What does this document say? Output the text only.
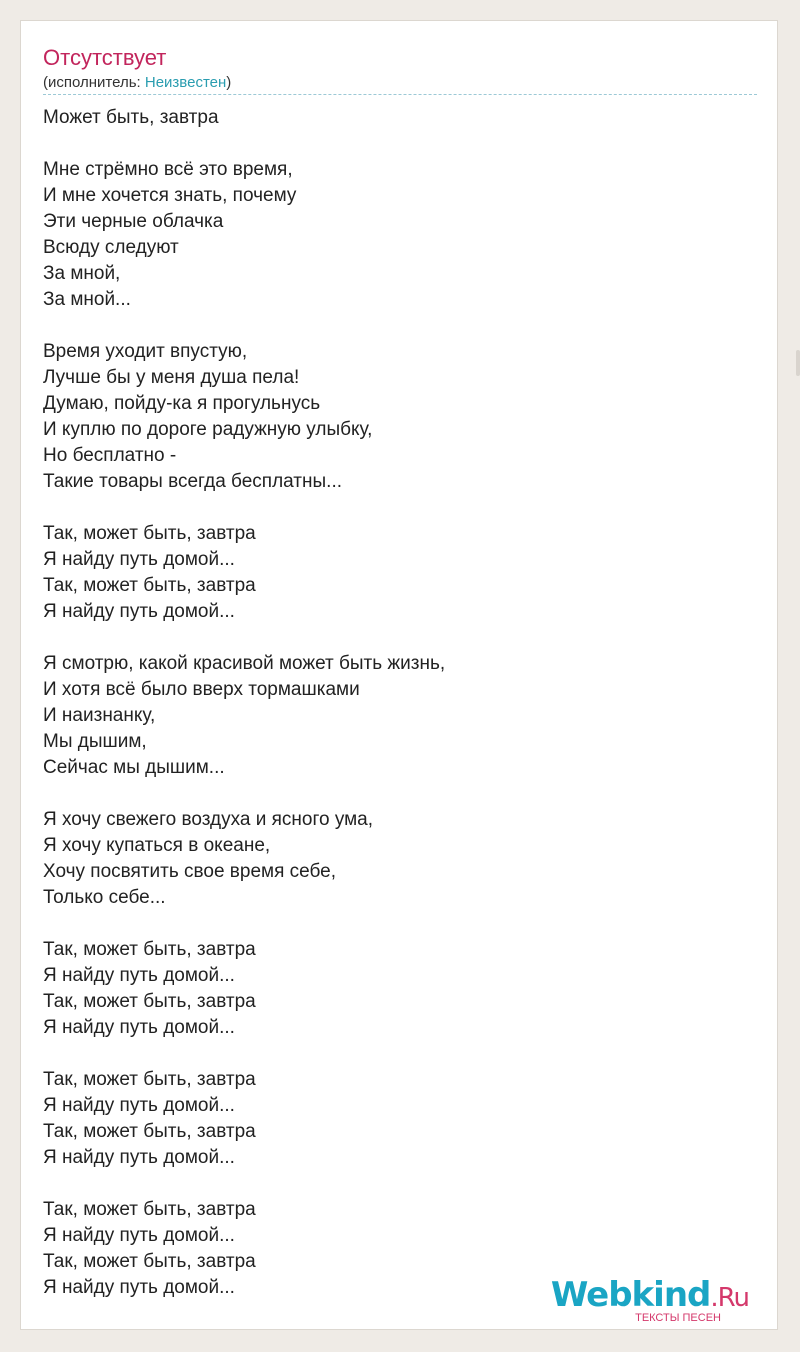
Отсутствует
(исполнитель: Неизвестен)
Может быть, завтра
Мне стрёмно всё это время,
И мне хочется знать, почему
Эти черные облачка
Всюду следуют
За мной,
За мной...
Время уходит впустую,
Лучше бы у меня душа пела!
Думаю, пойду-ка я прогульнусь
И куплю по дороге радужную улыбку,
Но бесплатно -
Такие товары всегда бесплатны...
Так, может быть, завтра
Я найду путь домой...
Так, может быть, завтра
Я найду путь домой...
Я смотрю, какой красивой может быть жизнь,
И хотя всё было вверх тормашками
И наизнанку,
Мы дышим,
Сейчас мы дышим...
Я хочу свежего воздуха и ясного ума,
Я хочу купаться в океане,
Хочу посвятить свое время себе,
Только себе...
Так, может быть, завтра
Я найду путь домой...
Так, может быть, завтра
Я найду путь домой...
Так, может быть, завтра
Я найду путь домой...
Так, может быть, завтра
Я найду путь домой...
Так, может быть, завтра
Я найду путь домой...
Так, может быть, завтра
Я найду путь домой...	Webkind.Ru
ТЕКСТЫ ПЕСЕН
